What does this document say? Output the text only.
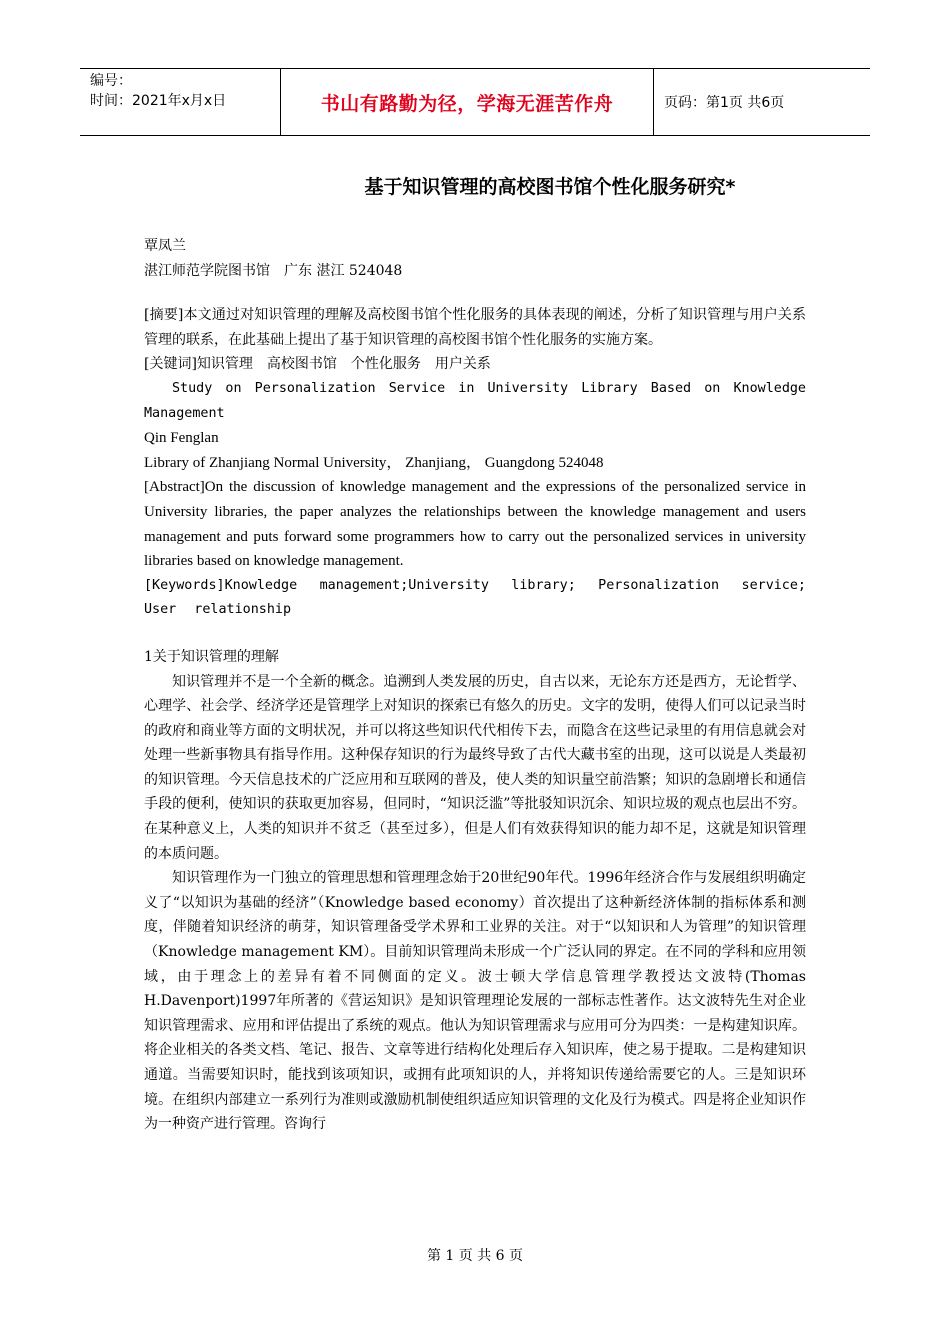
编号：
时间：2021年x月x日	书山有路勤为径，学海无涯苦作舟	页码：第1页 共6页
基于知识管理的高校图书馆个性化服务研究*

覃凤兰

湛江师范学院图书馆　广东 湛江 524048

[摘要]本文通过对知识管理的理解及高校图书馆个性化服务的具体表现的阐述，分析了知识管理与用户关系管理的联系，在此基础上提出了基于知识管理的高校图书馆个性化服务的实施方案。

[关键词]知识管理　高校图书馆　个性化服务　用户关系

Study on Personalization Service in University Library Based on Knowledge

Management

Qin Fenglan

Library of Zhanjiang Normal University， Zhanjiang， Guangdong 524048

[Abstract]On the discussion of knowledge management and the expressions of the personalized service in University libraries, the paper analyzes the relationships between the knowledge management and users management and puts forward some programmers how to carry out the personalized services in university libraries based on knowledge management.

[Keywords]Knowledge management;University library; Personalization service; User relationship

1关于知识管理的理解

知识管理并不是一个全新的概念。追溯到人类发展的历史，自古以来，无论东方还是西方，无论哲学、心理学、社会学、经济学还是管理学上对知识的探索已有悠久的历史。文字的发明，使得人们可以记录当时的政府和商业等方面的文明状况，并可以将这些知识代代相传下去，而隐含在这些记录里的有用信息就会对处理一些新事物具有指导作用。这种保存知识的行为最终导致了古代大藏书室的出现，这可以说是人类最初的知识管理。今天信息技术的广泛应用和互联网的普及，使人类的知识量空前浩繁；知识的急剧增长和通信手段的便利，使知识的获取更加容易，但同时，“知识泛滥”等批驳知识沉余、知识垃圾的观点也层出不穷。在某种意义上，人类的知识并不贫乏（甚至过多），但是人们有效获得知识的能力却不足，这就是知识管理的本质问题。

知识管理作为一门独立的管理思想和管理理念始于20世纪90年代。1996年经济合作与发展组织明确定义了“以知识为基础的经济”（Knowledge based economy）首次提出了这种新经济体制的指标体系和测度，伴随着知识经济的萌芽，知识管理备受学术界和工业界的关注。对于“以知识和人为管理”的知识管理（Knowledge management KM）。目前知识管理尚未形成一个广泛认同的界定。在不同的学科和应用领域，由于理念上的差异有着不同侧面的定义。波士顿大学信息管理学教授达文波特(Thomas H.Davenport)1997年所著的《营运知识》是知识管理理论发展的一部标志性著作。达文波特先生对企业知识管理需求、应用和评估提出了系统的观点。他认为知识管理需求与应用可分为四类：一是构建知识库。将企业相关的各类文档、笔记、报告、文章等进行结构化处理后存入知识库，使之易于提取。二是构建知识通道。当需要知识时，能找到该项知识，或拥有此项知识的人，并将知识传递给需要它的人。三是知识环境。在组织内部建立一系列行为准则或激励机制使组织适应知识管理的文化及行为模式。四是将企业知识作为一种资产进行管理。咨询行

第 1 页 共 6 页
